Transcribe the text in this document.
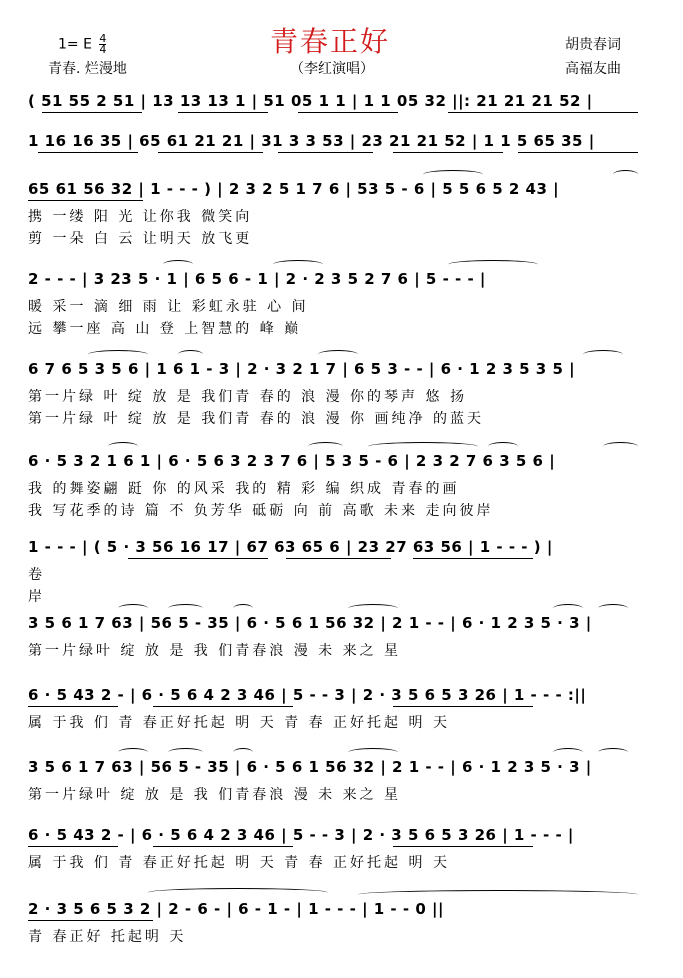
1= E $\frac{4}{4}$	青春正好	胡贵春词
青春. 烂漫地	（李红演唱）	高福友曲
( 51 55 2 51 | 13 13 13 1 | 51 05 1 1 | 1 1 05 32 ||: 21 21 21 52 |
1 16 16 35 | 65 61 21 21 | 31 3 3 53 | 23 21 21 52 | 1 1 5 65 35 |
65 61 56 32 | 1 - - - ) | 2 3 2 5 1 7 6 | 53 5 - 6 | 5 5 6 5 2 43 |
携 一缕 阳 光 让你我 微笑向
剪 一朵 白 云 让明天 放飞更
2 - - - | 3 23 5 · 1 | 6 5 6 - 1 | 2 · 2 3 5 2 7 6 | 5 - - - |
暖 采一 滴 细 雨 让 彩虹永驻 心 间
远 攀一座 高 山 登 上智慧的 峰 巅
6 7 6 5 3 5 6 | 1 6 1 - 3 | 2 · 3 2 1 7 | 6 5 3 - - | 6 · 1 2 3 5 3 5 |
第一片绿 叶 绽 放 是 我们青 春的 浪 漫 你的琴声 悠 扬
第一片绿 叶 绽 放 是 我们青 春的 浪 漫 你 画纯净 的蓝天
6 · 5 3 2 1 6 1 | 6 · 5 6 3 2 3 7 6 | 5 3 5 - 6 | 2 3 2 7 6 3 5 6 |
我 的舞姿翩 跹 你 的风采 我的 精 彩 编 织成 青春的画
我 写花季的诗 篇 不 负芳华 砥砺 向 前 高歌 未来 走向彼岸
1 - - - | ( 5 · 3 56 16 17 | 67 63 65 6 | 23 27 63 56 | 1 - - - ) |
卷
岸
3 5 6 1 7 63 | 56 5 - 35 | 6 · 5 6 1 56 32 | 2 1 - - | 6 · 1 2 3 5 · 3 |
第一片绿叶 绽 放 是 我 们青春浪 漫 未 来之 星
6 · 5 43 2 - | 6 · 5 6 4 2 3 46 | 5 - - 3 | 2 · 3 5 6 5 3 26 | 1 - - - :||
属 于我 们 青 春正好托起 明 天 青 春 正好托起 明 天
3 5 6 1 7 63 | 56 5 - 35 | 6 · 5 6 1 56 32 | 2 1 - - | 6 · 1 2 3 5 · 3 |
第一片绿叶 绽 放 是 我 们青春浪 漫 未 来之 星
6 · 5 43 2 - | 6 · 5 6 4 2 3 46 | 5 - - 3 | 2 · 3 5 6 5 3 26 | 1 - - - |
属 于我 们 青 春正好托起 明 天 青 春 正好托起 明 天
2 · 3 5 6 5 3 2 | 2 - 6 - | 6 - 1 - | 1 - - - | 1 - - 0 ||
青 春正好 托起明 天
